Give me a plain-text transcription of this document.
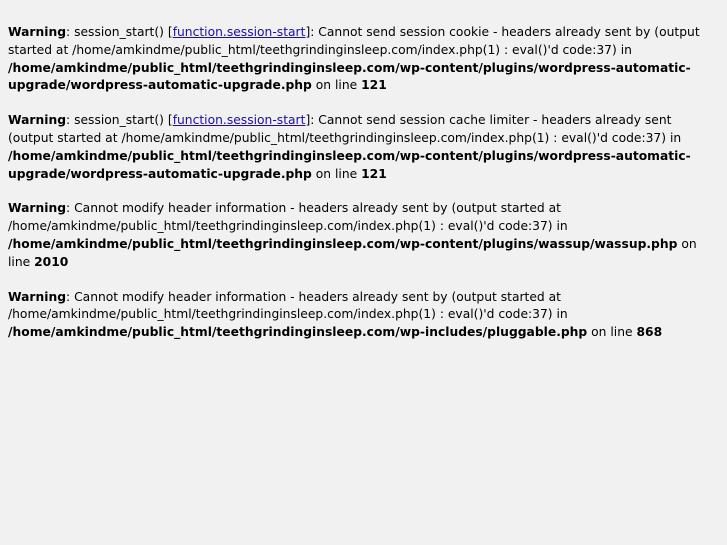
Warning: session_start() [function.session-start]: Cannot send session cookie - headers already sent by (output started at /home/amkindme/public_html/teethgrindinginsleep.com/index.php(1) : eval()'d code:37) in /home/amkindme/public_html/teethgrindinginsleep.com/wp-content/plugins/wordpress-automatic-upgrade/wordpress-automatic-upgrade.php on line 121
Warning: session_start() [function.session-start]: Cannot send session cache limiter - headers already sent (output started at /home/amkindme/public_html/teethgrindinginsleep.com/index.php(1) : eval()'d code:37) in /home/amkindme/public_html/teethgrindinginsleep.com/wp-content/plugins/wordpress-automatic-upgrade/wordpress-automatic-upgrade.php on line 121
Warning: Cannot modify header information - headers already sent by (output started at /home/amkindme/public_html/teethgrindinginsleep.com/index.php(1) : eval()'d code:37) in /home/amkindme/public_html/teethgrindinginsleep.com/wp-content/plugins/wassup/wassup.php on line 2010
Warning: Cannot modify header information - headers already sent by (output started at /home/amkindme/public_html/teethgrindinginsleep.com/index.php(1) : eval()'d code:37) in /home/amkindme/public_html/teethgrindinginsleep.com/wp-includes/pluggable.php on line 868
